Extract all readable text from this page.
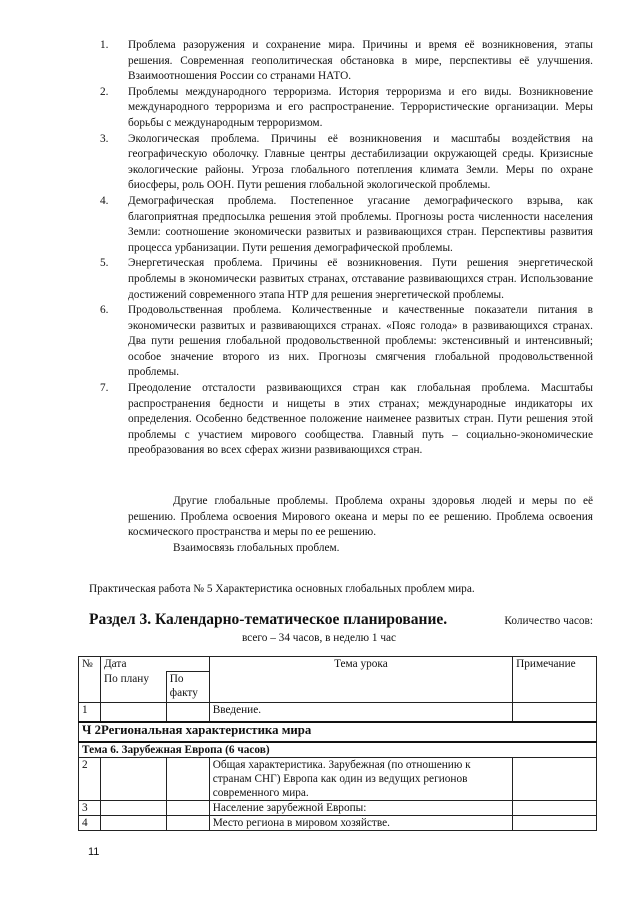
1.	Проблема разоружения и сохранение мира. Причины и время её возникновения, этапы решения. Современная геополитическая обстановка в мире, перспективы её улучшения. Взаимоотношения России со странами НАТО.
2.	Проблемы международного терроризма. История терроризма и его виды. Возникновение международного терроризма и его распространение. Террористические организации. Меры борьбы с международным терроризмом.
3.	Экологическая проблема. Причины её возникновения и масштабы воздействия на географическую оболочку. Главные центры дестабилизации окружающей среды. Кризисные экологические районы. Угроза глобального потепления климата Земли. Меры по охране биосферы, роль ООН. Пути решения глобальной экологической проблемы.
4.	Демографическая проблема. Постепенное угасание демографического взрыва, как благоприятная предпосылка решения этой проблемы. Прогнозы роста численности населения Земли: соотношение экономически развитых и развивающихся стран. Перспективы развития процесса урбанизации. Пути решения демографической проблемы.
5.	Энергетическая проблема. Причины её возникновения. Пути решения энергетической проблемы в экономически развитых странах, отставание развивающихся стран. Использование достижений современного этапа НТР для решения энергетической проблемы.
6.	Продовольственная проблема. Количественные и качественные показатели питания в экономически развитых и развивающихся странах. «Пояс голода» в развивающихся странах. Два пути решения глобальной продовольственной проблемы: экстенсивный и интенсивный; особое значение второго из них. Прогнозы смягчения глобальной продовольственной проблемы.
7.	Преодоление отсталости развивающихся стран как глобальная проблема. Масштабы распространения бедности и нищеты в этих странах; международные индикаторы их определения. Особенно бедственное положение наименее развитых стран. Пути решения этой проблемы с участием мирового сообщества. Главный путь – социально-экономические преобразования во всех сферах жизни развивающихся стран.
Другие глобальные проблемы. Проблема охраны здоровья людей и меры по её решению. Проблема освоения Мирового океана и меры по ее решению. Проблема освоения космического пространства и меры по ее решению.
Взаимосвязь глобальных проблем.
Практическая работа № 5 Характеристика основных глобальных проблем мира.
Раздел 3. Календарно-тематическое планирование.	Количество часов:
всего – 34 часов, в неделю 1 час
№	Дата		Тема урока	Примечание
	По плану	По факту		
1			Введение.	
Ч 2Региональная характеристика мира				
Тема 6. Зарубежная Европа (6 часов)				
2			Общая характеристика. Зарубежная (по отношению к странам СНГ) Европа как один из ведущих регионов современного мира.	
3			Население зарубежной Европы:	
4			Место региона в мировом хозяйстве.	
11
